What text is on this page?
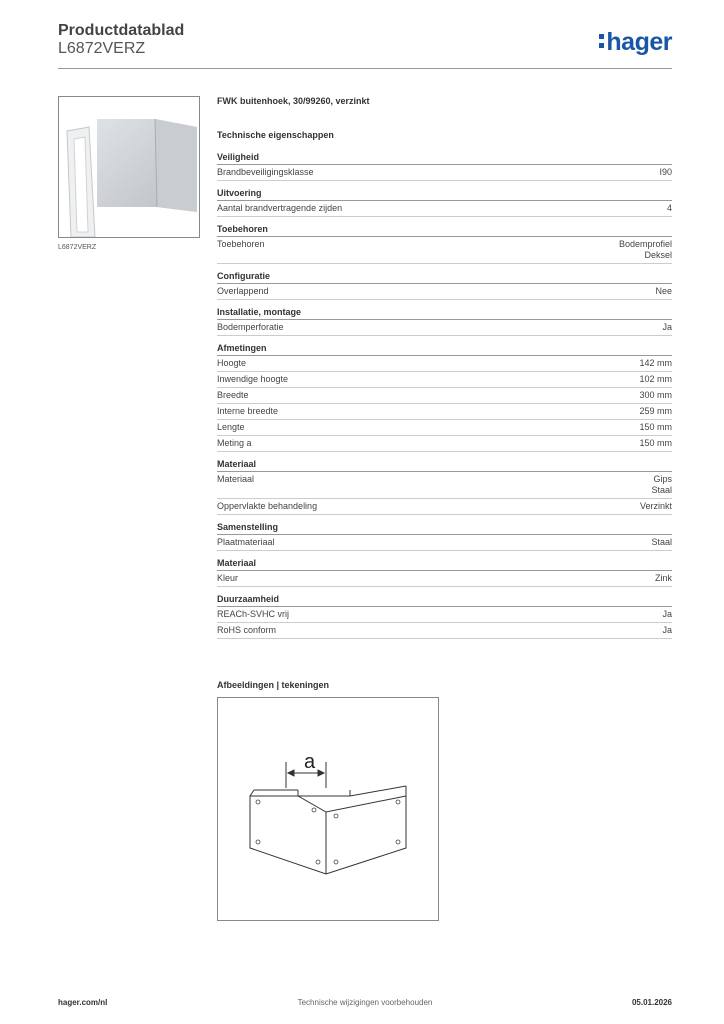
Productdatablad
L6872VERZ	hager
L6872VERZ
FWK buitenhoek, 30/99260, verzinkt
Technische eigenschappen
Veiligheid
Brandbeveiligingsklasse	I90
Uitvoering
Aantal brandvertragende zijden	4
Toebehoren
Toebehoren	Bodemprofiel
Deksel
Configuratie
Overlappend	Nee
Installatie, montage
Bodemperforatie	Ja
Afmetingen
Hoogte	142 mm
Inwendige hoogte	102 mm
Breedte	300 mm
Interne breedte	259 mm
Lengte	150 mm
Meting a	150 mm
Materiaal
Materiaal	Gips
Staal
Oppervlakte behandeling	Verzinkt
Samenstelling
Plaatmateriaal	Staal
Materiaal
Kleur	Zink
Duurzaamheid
REACh-SVHC vrij	Ja
RoHS conform	Ja
Afbeeldingen | tekeningen
a
hager.com/nl	Technische wijzigingen voorbehouden	05.01.2026
